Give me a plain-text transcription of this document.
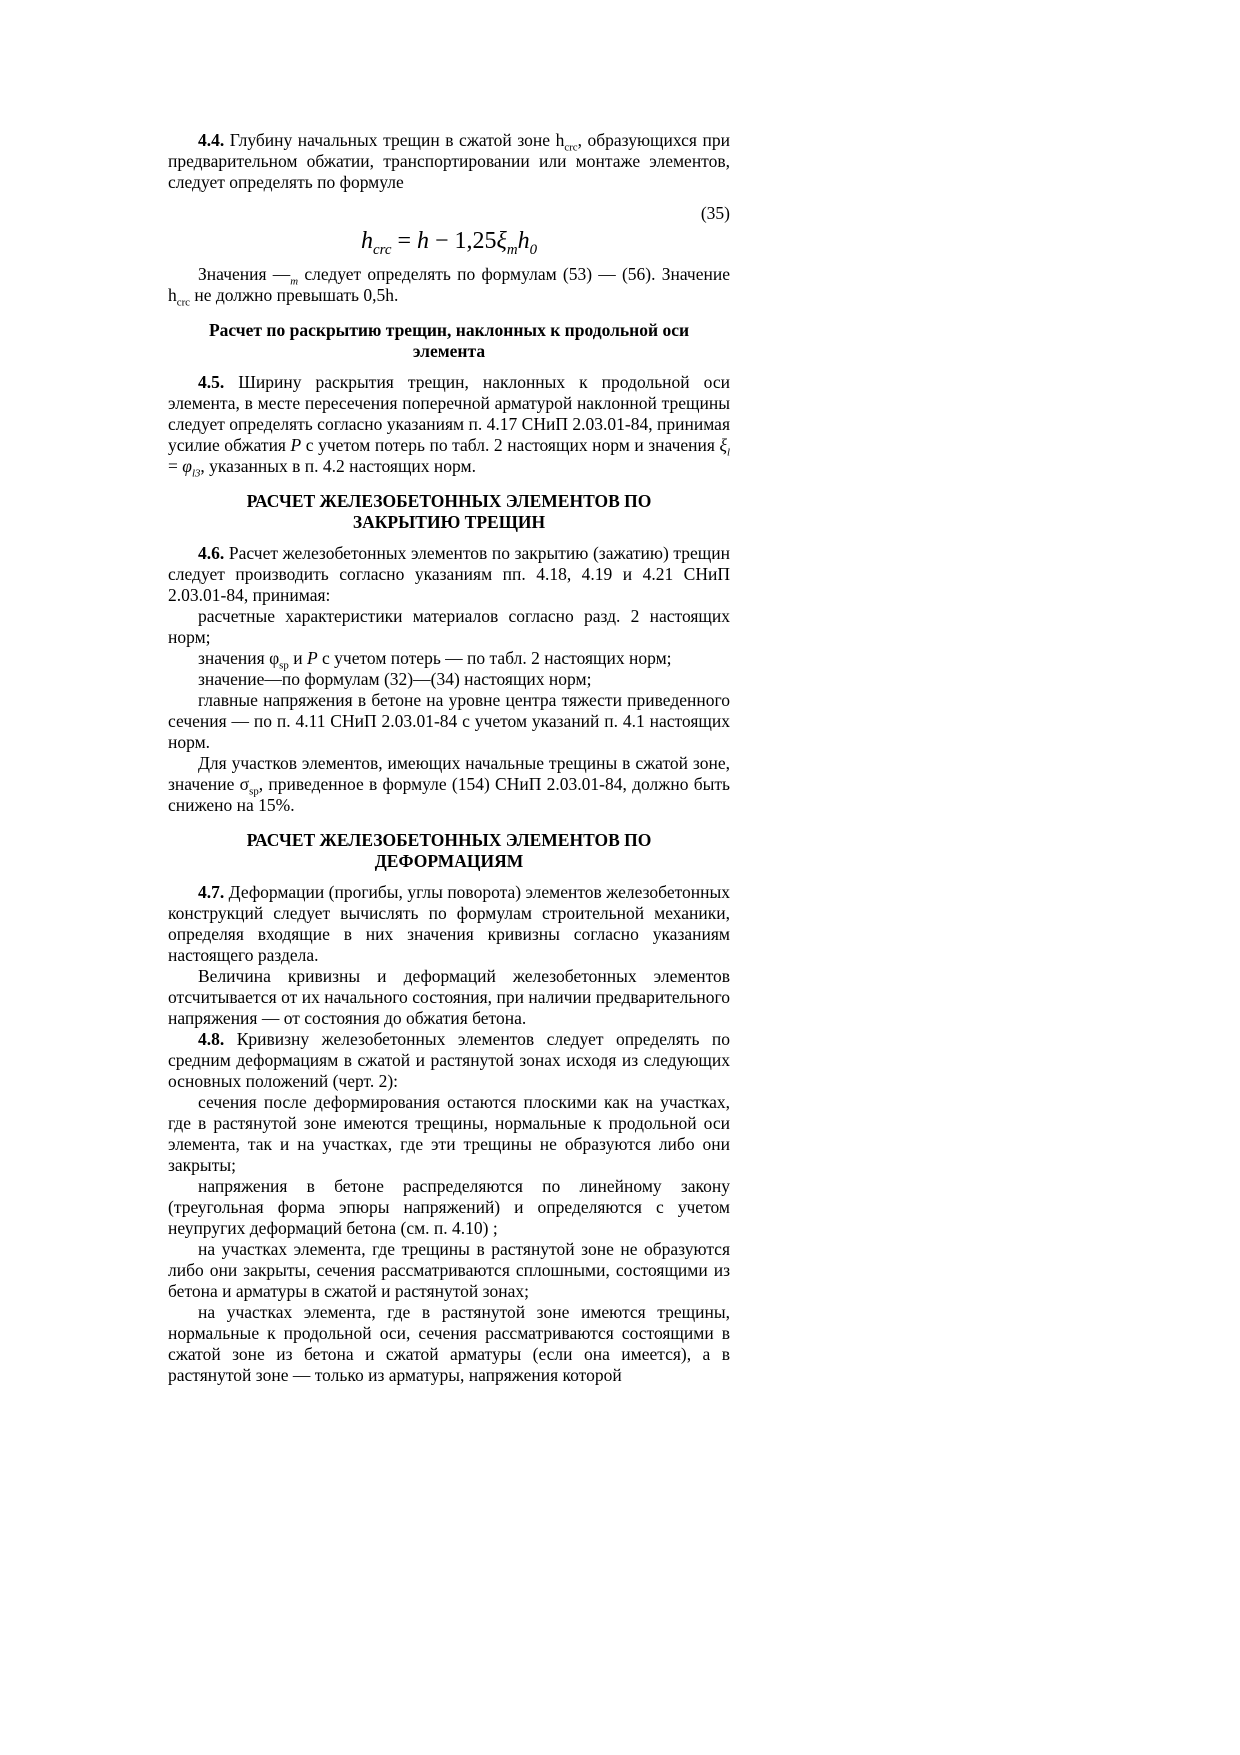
4.4. Глубину начальных трещин в сжатой зоне $h_{crc}$, образующихся при предварительном обжатии, транспортировании или монтаже элементов, следует определять по формуле
(35)
$h_{crc} = h - 1,25\xi_mh_0$
Значения $—_m$ следует определять по формулам (53) — (56). Значение $h_{crc}$ не должно превышать 0,5h.
Расчет по раскрытию трещин, наклонных к продольной оси
элемента
4.5. Ширину раскрытия трещин, наклонных к продольной оси элемента, в месте пересечения поперечной арматурой наклонной трещины следует определять согласно указаниям п. 4.17 СНиП 2.03.01-84, принимая усилие обжатия Р с учетом потерь по табл. 2 настоящих норм и значения $\xi_l = \varphi_{l3}$, указанных в п. 4.2 настоящих норм.
РАСЧЕТ ЖЕЛЕЗОБЕТОННЫХ ЭЛЕМЕНТОВ ПО
ЗАКРЫТИЮ ТРЕЩИН
4.6. Расчет железобетонных элементов по закрытию (зажатию) трещин следует производить согласно указаниям пп. 4.18, 4.19 и 4.21 СНиП 2.03.01-84, принимая:
расчетные характеристики материалов согласно разд. 2 настоящих норм;
значения $\varphi_{sp}$ и Р с учетом потерь — по табл. 2 настоящих норм;
значение—по формулам (32)—(34) настоящих норм;
главные напряжения в бетоне на уровне центра тяжести приведенного сечения — по п. 4.11 СНиП 2.03.01-84 с учетом указаний п. 4.1 настоящих норм.
Для участков элементов, имеющих начальные трещины в сжатой зоне, значение $\sigma_{sp}$, приведенное в формуле (154) СНиП 2.03.01-84, должно быть снижено на 15%.
РАСЧЕТ ЖЕЛЕЗОБЕТОННЫХ ЭЛЕМЕНТОВ ПО
ДЕФОРМАЦИЯМ
4.7. Деформации (прогибы, углы поворота) элементов железобетонных конструкций следует вычислять по формулам строительной механики, определяя входящие в них значения кривизны согласно указаниям настоящего раздела.
Величина кривизны и деформаций железобетонных элементов отсчитывается от их начального состояния, при наличии предварительного напряжения — от состояния до обжатия бетона.
4.8. Кривизну железобетонных элементов следует определять по средним деформациям в сжатой и растянутой зонах исходя из следующих основных положений (черт. 2):
сечения после деформирования остаются плоскими как на участках, где в растянутой зоне имеются трещины, нормальные к продольной оси элемента, так и на участках, где эти трещины не образуются либо они закрыты;
напряжения в бетоне распределяются по линейному закону (треугольная форма эпюры напряжений) и определяются с учетом неупругих деформаций бетона (см. п. 4.10) ;
на участках элемента, где трещины в растянутой зоне не образуются либо они закрыты, сечения рассматриваются сплошными, состоящими из бетона и арматуры в сжатой и растянутой зонах;
на участках элемента, где в растянутой зоне имеются трещины, нормальные к продольной оси, сечения рассматриваются состоящими в сжатой зоне из бетона и сжатой арматуры (если она имеется), а в растянутой зоне — только из арматуры, напряжения которой
